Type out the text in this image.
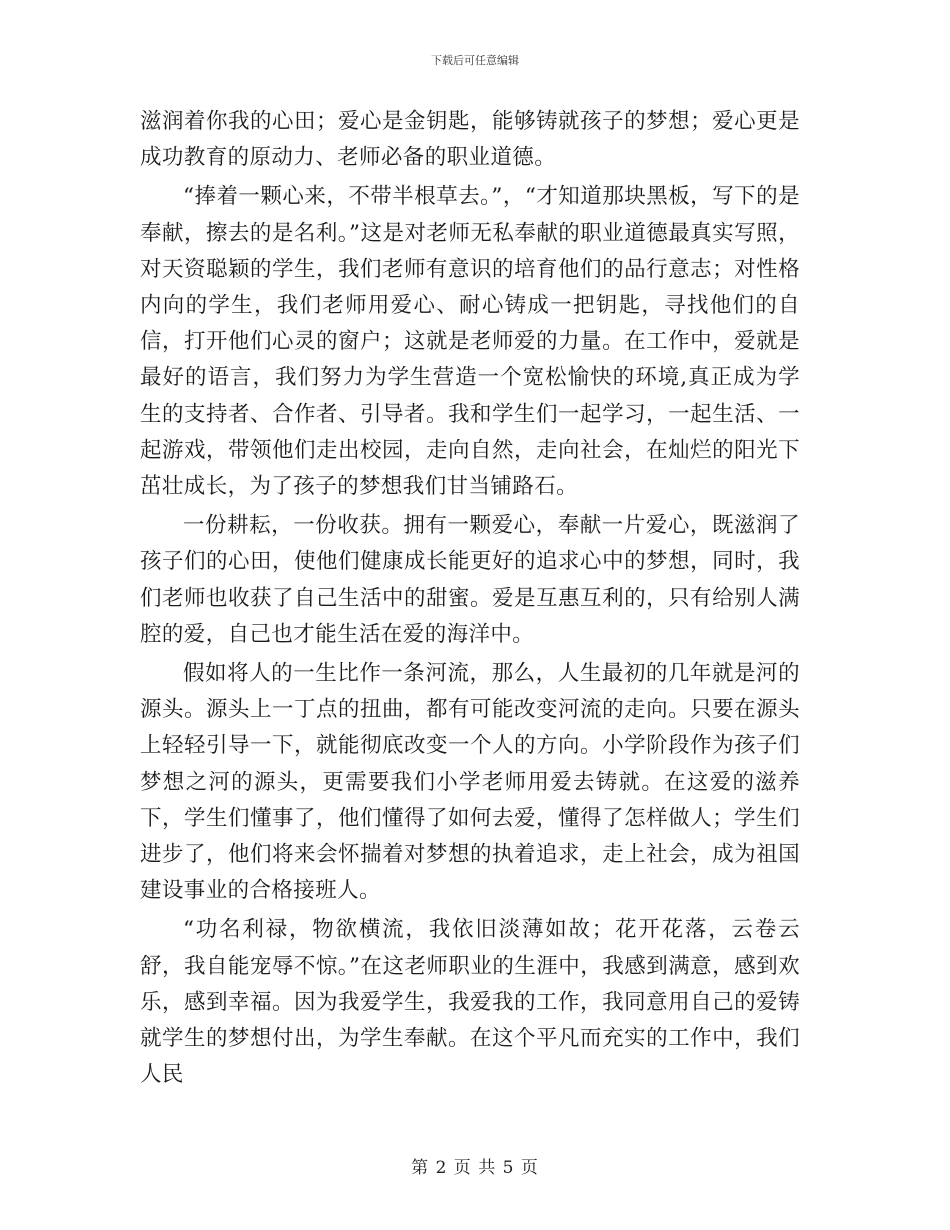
下载后可任意编辑

滋润着你我的心田；爱心是金钥匙，能够铸就孩子的梦想；爱心更是成功教育的原动力、老师必备的职业道德。

“捧着一颗心来，不带半根草去。”，“才知道那块黑板，写下的是奉献，擦去的是名利。”这是对老师无私奉献的职业道德最真实写照，对天资聪颖的学生，我们老师有意识的培育他们的品行意志；对性格内向的学生，我们老师用爱心、耐心铸成一把钥匙，寻找他们的自信，打开他们心灵的窗户；这就是老师爱的力量。在工作中，爱就是最好的语言，我们努力为学生营造一个宽松愉快的环境,真正成为学生的支持者、合作者、引导者。我和学生们一起学习，一起生活、一起游戏，带领他们走出校园，走向自然，走向社会，在灿烂的阳光下茁壮成长，为了孩子的梦想我们甘当铺路石。

一份耕耘，一份收获。拥有一颗爱心，奉献一片爱心，既滋润了孩子们的心田，使他们健康成长能更好的追求心中的梦想，同时，我们老师也收获了自己生活中的甜蜜。爱是互惠互利的，只有给别人满腔的爱，自己也才能生活在爱的海洋中。

假如将人的一生比作一条河流，那么，人生最初的几年就是河的源头。源头上一丁点的扭曲，都有可能改变河流的走向。只要在源头上轻轻引导一下，就能彻底改变一个人的方向。小学阶段作为孩子们梦想之河的源头，更需要我们小学老师用爱去铸就。在这爱的滋养下，学生们懂事了，他们懂得了如何去爱，懂得了怎样做人；学生们进步了，他们将来会怀揣着对梦想的执着追求，走上社会，成为祖国建设事业的合格接班人。

“功名利禄，物欲横流，我依旧淡薄如故；花开花落，云卷云舒，我自能宠辱不惊。”在这老师职业的生涯中，我感到满意，感到欢乐，感到幸福。因为我爱学生，我爱我的工作，我同意用自己的爱铸就学生的梦想付出，为学生奉献。在这个平凡而充实的工作中，我们人民

第 2 页 共 5 页
